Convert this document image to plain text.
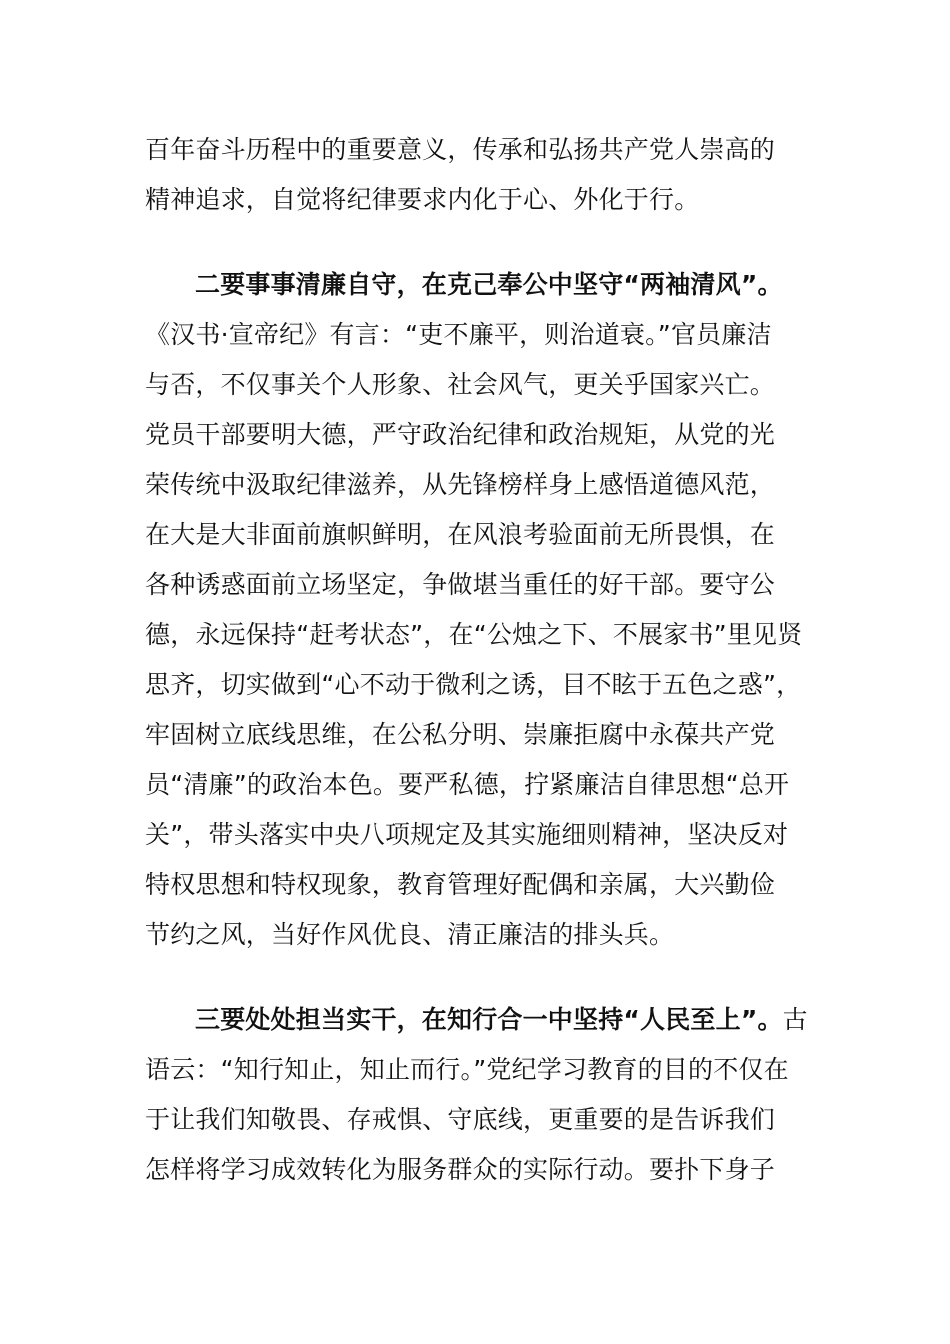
百年奋斗历程中的重要意义，传承和弘扬共产党人崇高的
精神追求，自觉将纪律要求内化于心、外化于行。
二要事事清廉自守，在克己奉公中坚守“两袖清风”。
《汉书·宣帝纪》有言：“吏不廉平，则治道衰。”官员廉洁
与否，不仅事关个人形象、社会风气，更关乎国家兴亡。
党员干部要明大德，严守政治纪律和政治规矩，从党的光
荣传统中汲取纪律滋养，从先锋榜样身上感悟道德风范，
在大是大非面前旗帜鲜明，在风浪考验面前无所畏惧，在
各种诱惑面前立场坚定，争做堪当重任的好干部。要守公
德，永远保持“赶考状态”，在“公烛之下、不展家书”里见贤
思齐，切实做到“心不动于微利之诱，目不眩于五色之惑”，
牢固树立底线思维，在公私分明、崇廉拒腐中永葆共产党
员“清廉”的政治本色。要严私德，拧紧廉洁自律思想“总开
关”，带头落实中央八项规定及其实施细则精神，坚决反对
特权思想和特权现象，教育管理好配偶和亲属，大兴勤俭
节约之风，当好作风优良、清正廉洁的排头兵。
三要处处担当实干，在知行合一中坚持“人民至上”。古
语云：“知行知止，知止而行。”党纪学习教育的目的不仅在
于让我们知敬畏、存戒惧、守底线，更重要的是告诉我们
怎样将学习成效转化为服务群众的实际行动。要扑下身子
